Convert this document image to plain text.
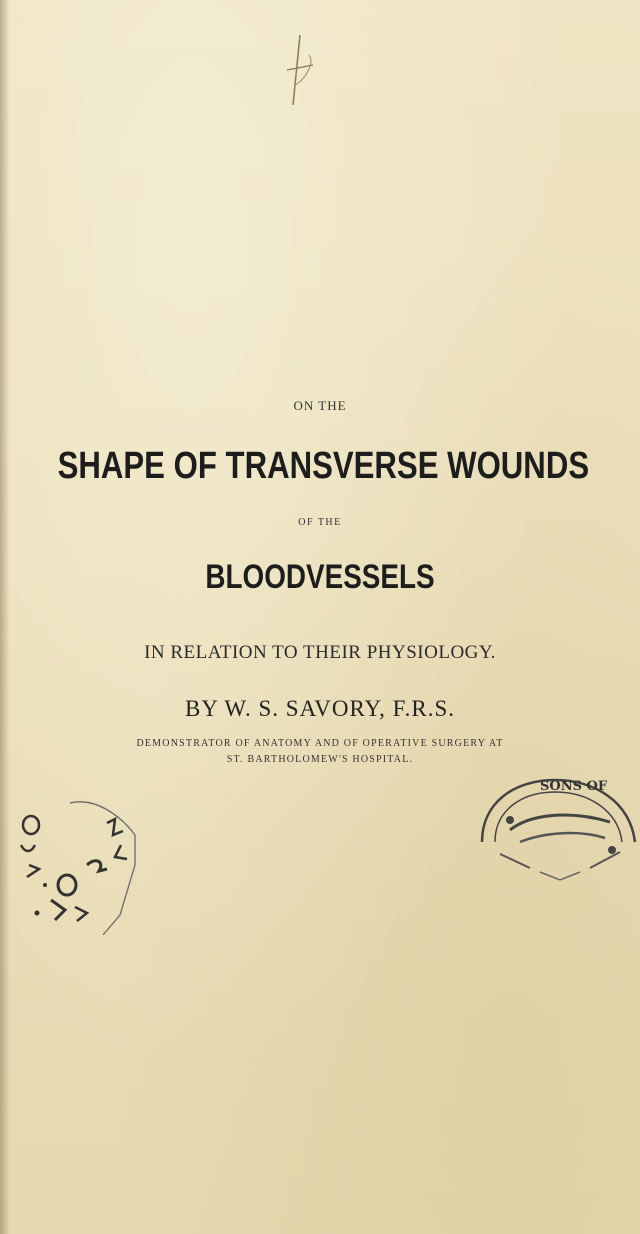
ON THE
SHAPE OF TRANSVERSE WOUNDS
OF THE
BLOODVESSELS
IN RELATION TO THEIR PHYSIOLOGY.
BY W. S. SAVORY, F.R.S.
DEMONSTRATOR OF ANATOMY AND OF OPERATIVE SURGERY AT
ST. BARTHOLOMEW'S HOSPITAL.
SONS OF
